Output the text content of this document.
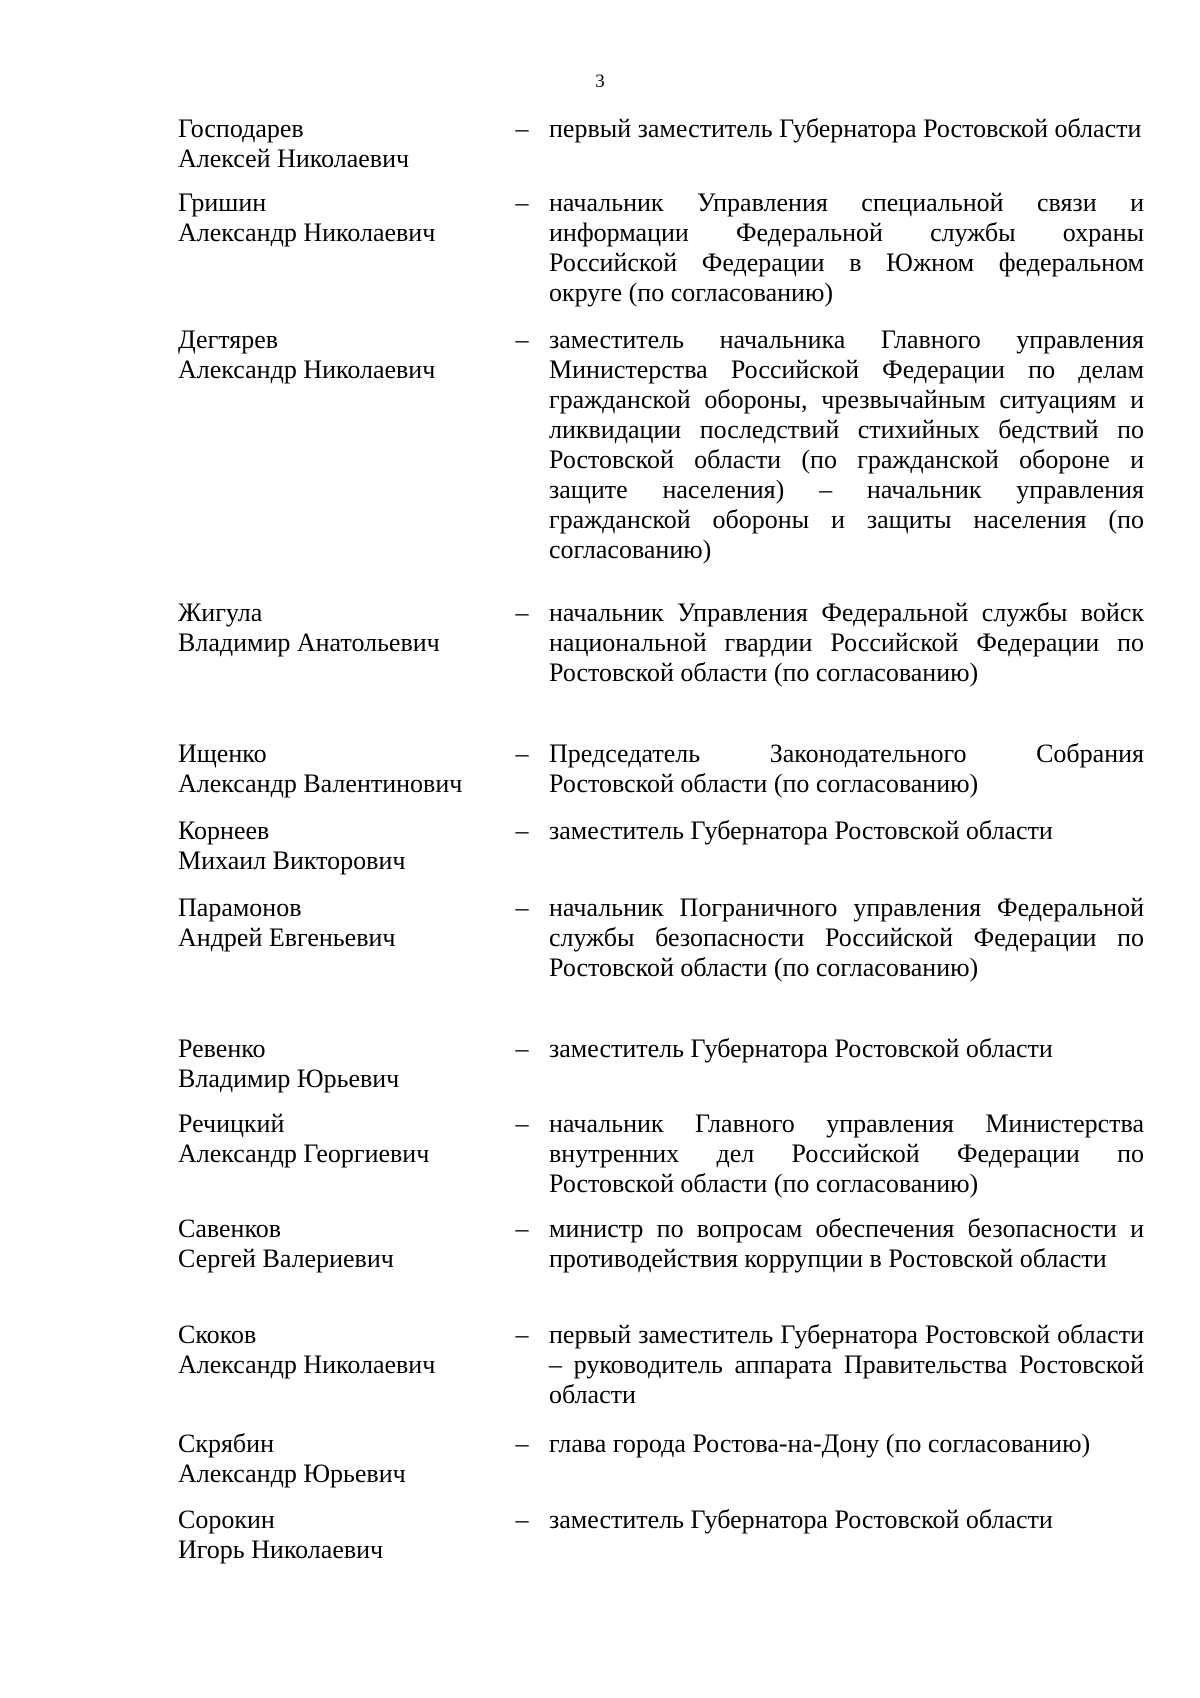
3
Господарев
Алексей Николаевич
– первый заместитель Губернатора Ростовской области
Гришин
Александр Николаевич
– начальник Управления специальной связи и информации Федеральной службы охраны Российской Федерации в Южном федеральном округе (по согласованию)
Дегтярев
Александр Николаевич
– заместитель начальника Главного управления Министерства Российской Федерации по делам гражданской обороны, чрезвычайным ситуациям и ликвидации последствий стихийных бедствий по Ростовской области (по гражданской обороне и защите населения) – начальник управления гражданской обороны и защиты населения (по согласованию)
Жигула
Владимир Анатольевич
– начальник Управления Федеральной службы войск национальной гвардии Российской Федерации по Ростовской области (по согласованию)
Ищенко
Александр Валентинович
– Председатель Законодательного Собрания Ростовской области (по согласованию)
Корнеев
Михаил Викторович
– заместитель Губернатора Ростовской области
Парамонов
Андрей Евгеньевич
– начальник Пограничного управления Федеральной службы безопасности Российской Федерации по Ростовской области (по согласованию)
Ревенко
Владимир Юрьевич
– заместитель Губернатора Ростовской области
Речицкий
Александр Георгиевич
– начальник Главного управления Министерства внутренних дел Российской Федерации по Ростовской области (по согласованию)
Савенков
Сергей Валериевич
– министр по вопросам обеспечения безопасности и противодействия коррупции в Ростовской области
Скоков
Александр Николаевич
– первый заместитель Губернатора Ростовской области – руководитель аппарата Правительства Ростовской области
Скрябин
Александр Юрьевич
– глава города Ростова-на-Дону (по согласованию)
Сорокин
Игорь Николаевич
– заместитель Губернатора Ростовской области
